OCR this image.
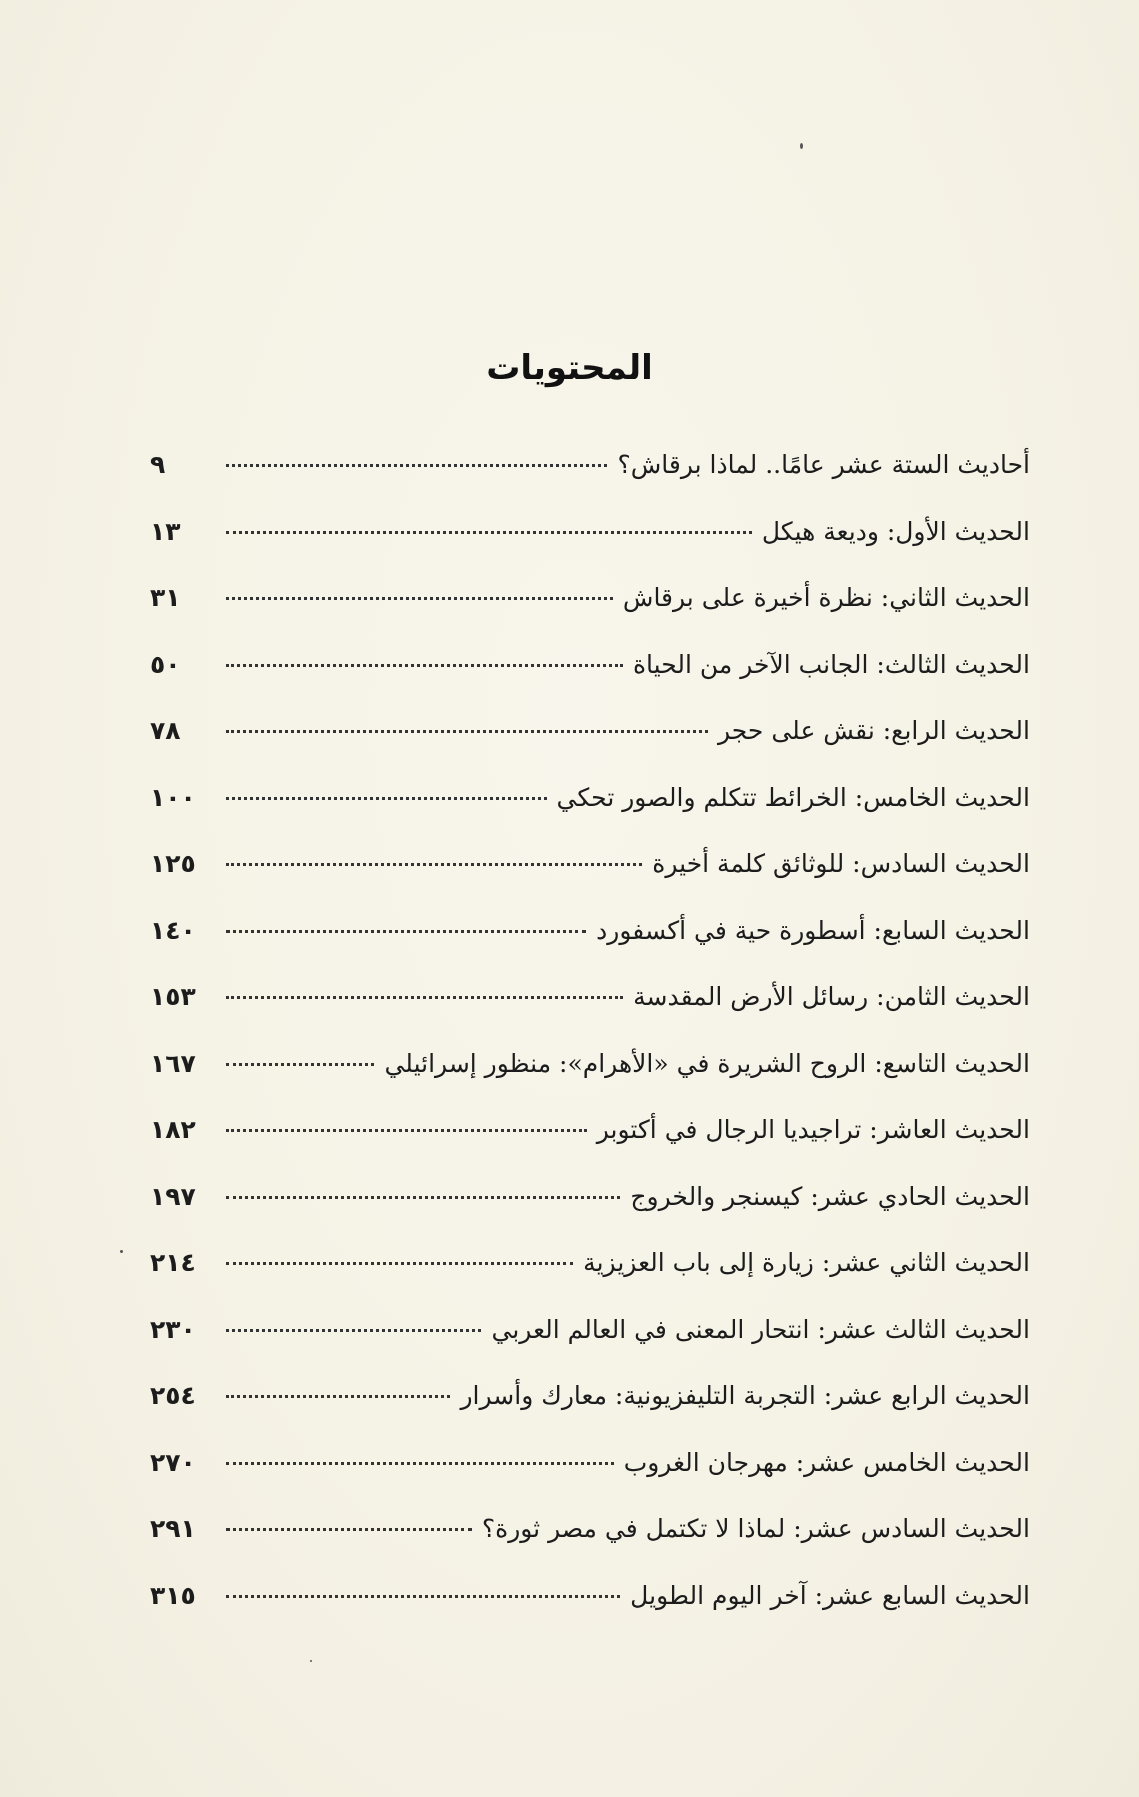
المحتويات
أحاديث الستة عشر عامًا.. لماذا برقاش؟
٩
الحديث الأول: وديعة هيكل
١٣
الحديث الثاني: نظرة أخيرة على برقاش
٣١
الحديث الثالث: الجانب الآخر من الحياة
٥٠
الحديث الرابع: نقش على حجر
٧٨
الحديث الخامس: الخرائط تتكلم والصور تحكي
١٠٠
الحديث السادس: للوثائق كلمة أخيرة
١٢٥
الحديث السابع: أسطورة حية في أكسفورد
١٤٠
الحديث الثامن: رسائل الأرض المقدسة
١٥٣
الحديث التاسع: الروح الشريرة في «الأهرام»: منظور إسرائيلي
١٦٧
الحديث العاشر: تراجيديا الرجال في أكتوبر
١٨٢
الحديث الحادي عشر: كيسنجر والخروج
١٩٧
الحديث الثاني عشر: زيارة إلى باب العزيزية
٢١٤
الحديث الثالث عشر: انتحار المعنى في العالم العربي
٢٣٠
الحديث الرابع عشر: التجربة التليفزيونية: معارك وأسرار
٢٥٤
الحديث الخامس عشر: مهرجان الغروب
٢٧٠
الحديث السادس عشر: لماذا لا تكتمل في مصر ثورة؟
٢٩١
الحديث السابع عشر: آخر اليوم الطويل
٣١٥
